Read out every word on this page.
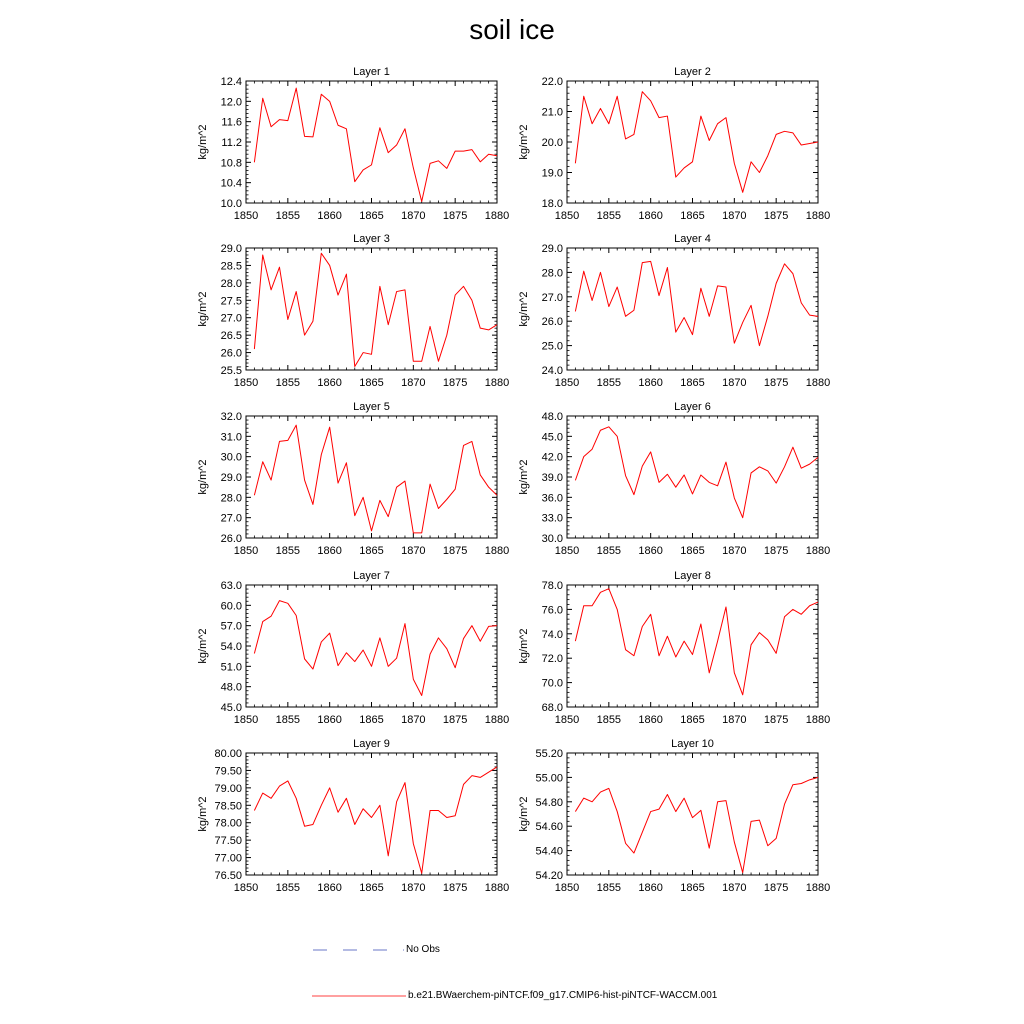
soil ice
Layer 1
1850 1855 1860 1865 1870 1875 1880
10.0
10.4
10.8
11.2
11.6
12.0
12.4
kg/m^2
Layer 2
1850 1855 1860 1865 1870 1875 1880
18.0
19.0
20.0
21.0
22.0
kg/m^2
Layer 3
1850 1855 1860 1865 1870 1875 1880
25.5
26.0
26.5
27.0
27.5
28.0
28.5
29.0
kg/m^2
Layer 4
1850 1855 1860 1865 1870 1875 1880
24.0
25.0
26.0
27.0
28.0
29.0
kg/m^2
Layer 5
1850 1855 1860 1865 1870 1875 1880
26.0
27.0
28.0
29.0
30.0
31.0
32.0
kg/m^2
Layer 6
1850 1855 1860 1865 1870 1875 1880
30.0
33.0
36.0
39.0
42.0
45.0
48.0
kg/m^2
Layer 7
1850 1855 1860 1865 1870 1875 1880
45.0
48.0
51.0
54.0
57.0
60.0
63.0
kg/m^2
Layer 8
1850 1855 1860 1865 1870 1875 1880
68.0
70.0
72.0
74.0
76.0
78.0
kg/m^2
Layer 9
1850 1855 1860 1865 1870 1875 1880
76.50
77.00
77.50
78.00
78.50
79.00
79.50
80.00
kg/m^2
Layer 10
1850 1855 1860 1865 1870 1875 1880
54.20
54.40
54.60
54.80
55.00
55.20
kg/m^2
No Obs
b.e21.BWaerchem-piNTCF.f09_g17.CMIP6-hist-piNTCF-WACCM.001
